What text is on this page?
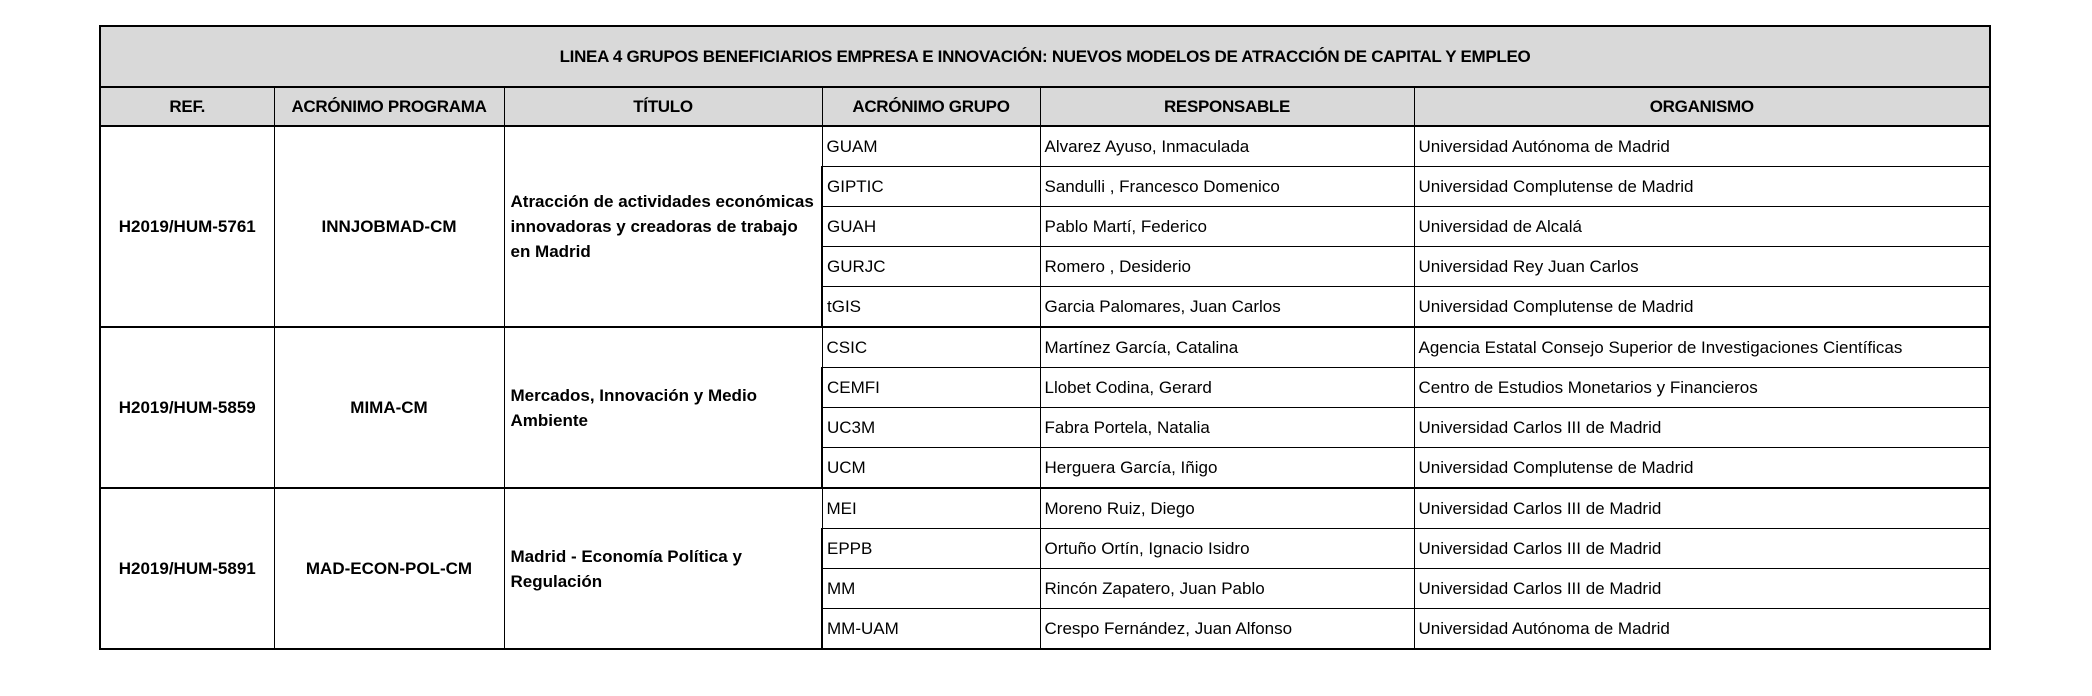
LINEA 4 GRUPOS BENEFICIARIOS EMPRESA E INNOVACIÓN: NUEVOS MODELOS DE ATRACCIÓN DE CAPITAL Y EMPLEO					
REF.	ACRÓNIMO PROGRAMA	TÍTULO	ACRÓNIMO GRUPO	RESPONSABLE	ORGANISMO
H2019/HUM-5761	INNJOBMAD-CM	Atracción de actividades económicas innovadoras y creadoras de trabajo en Madrid	GUAM	Alvarez Ayuso, Inmaculada	Universidad Autónoma de Madrid
			GIPTIC	Sandulli , Francesco Domenico	Universidad Complutense de Madrid
			GUAH	Pablo Martí, Federico	Universidad de Alcalá
			GURJC	Romero , Desiderio	Universidad Rey Juan Carlos
			tGIS	Garcia Palomares, Juan Carlos	Universidad Complutense de Madrid
H2019/HUM-5859	MIMA-CM	Mercados, Innovación y Medio Ambiente	CSIC	Martínez García, Catalina	Agencia Estatal Consejo Superior de Investigaciones Científicas
			CEMFI	Llobet Codina, Gerard	Centro de Estudios Monetarios y Financieros
			UC3M	Fabra Portela, Natalia	Universidad Carlos III de Madrid
			UCM	Herguera García, Iñigo	Universidad Complutense de Madrid
H2019/HUM-5891	MAD-ECON-POL-CM	Madrid - Economía Política y Regulación	MEI	Moreno Ruiz, Diego	Universidad Carlos III de Madrid
			EPPB	Ortuño Ortín, Ignacio Isidro	Universidad Carlos III de Madrid
			MM	Rincón Zapatero, Juan Pablo	Universidad Carlos III de Madrid
			MM-UAM	Crespo Fernández, Juan Alfonso	Universidad Autónoma de Madrid
